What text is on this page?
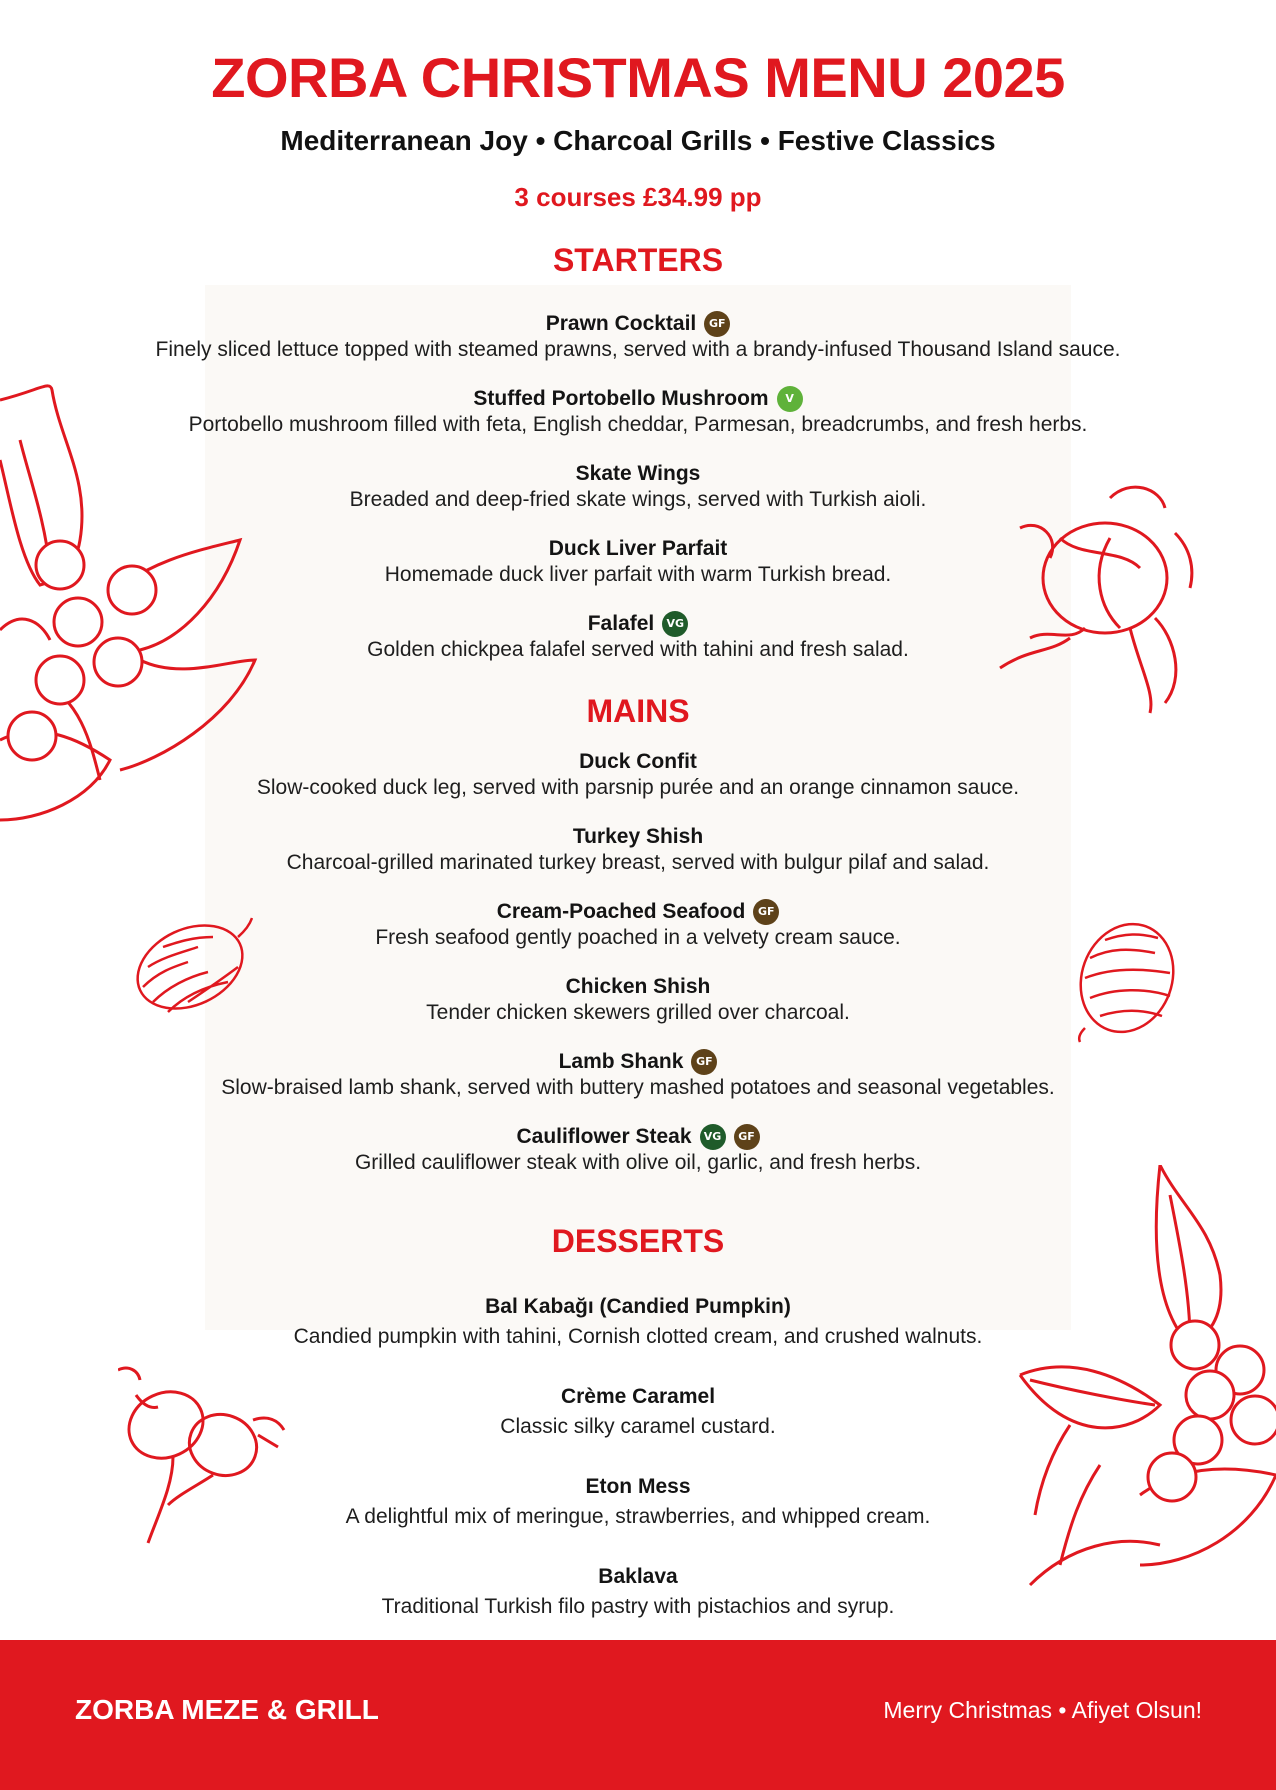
ZORBA CHRISTMAS MENU 2025
Mediterranean Joy • Charcoal Grills • Festive Classics
3 courses £34.99 pp
STARTERS
Prawn Cocktail	GF
Finely sliced lettuce topped with steamed prawns, served with a brandy-infused Thousand Island sauce.
Stuffed Portobello Mushroom	V
Portobello mushroom filled with feta, English cheddar, Parmesan, breadcrumbs, and fresh herbs.
Skate Wings
Breaded and deep-fried skate wings, served with Turkish aioli.
Duck Liver Parfait
Homemade duck liver parfait with warm Turkish bread.
Falafel	VG
Golden chickpea falafel served with tahini and fresh salad.
MAINS
Duck Confit
Slow-cooked duck leg, served with parsnip purée and an orange cinnamon sauce.
Turkey Shish
Charcoal-grilled marinated turkey breast, served with bulgur pilaf and salad.
Cream-Poached Seafood	GF
Fresh seafood gently poached in a velvety cream sauce.
Chicken Shish
Tender chicken skewers grilled over charcoal.
Lamb Shank	GF
Slow-braised lamb shank, served with buttery mashed potatoes and seasonal vegetables.
Cauliflower Steak	VG	GF
Grilled cauliflower steak with olive oil, garlic, and fresh herbs.
DESSERTS
Bal Kabağı (Candied Pumpkin)
Candied pumpkin with tahini, Cornish clotted cream, and crushed walnuts.
Crème Caramel
Classic silky caramel custard.
Eton Mess
A delightful mix of meringue, strawberries, and whipped cream.
Baklava
Traditional Turkish filo pastry with pistachios and syrup.
ZORBA MEZE & GRILL	Merry Christmas • Afiyet Olsun!
